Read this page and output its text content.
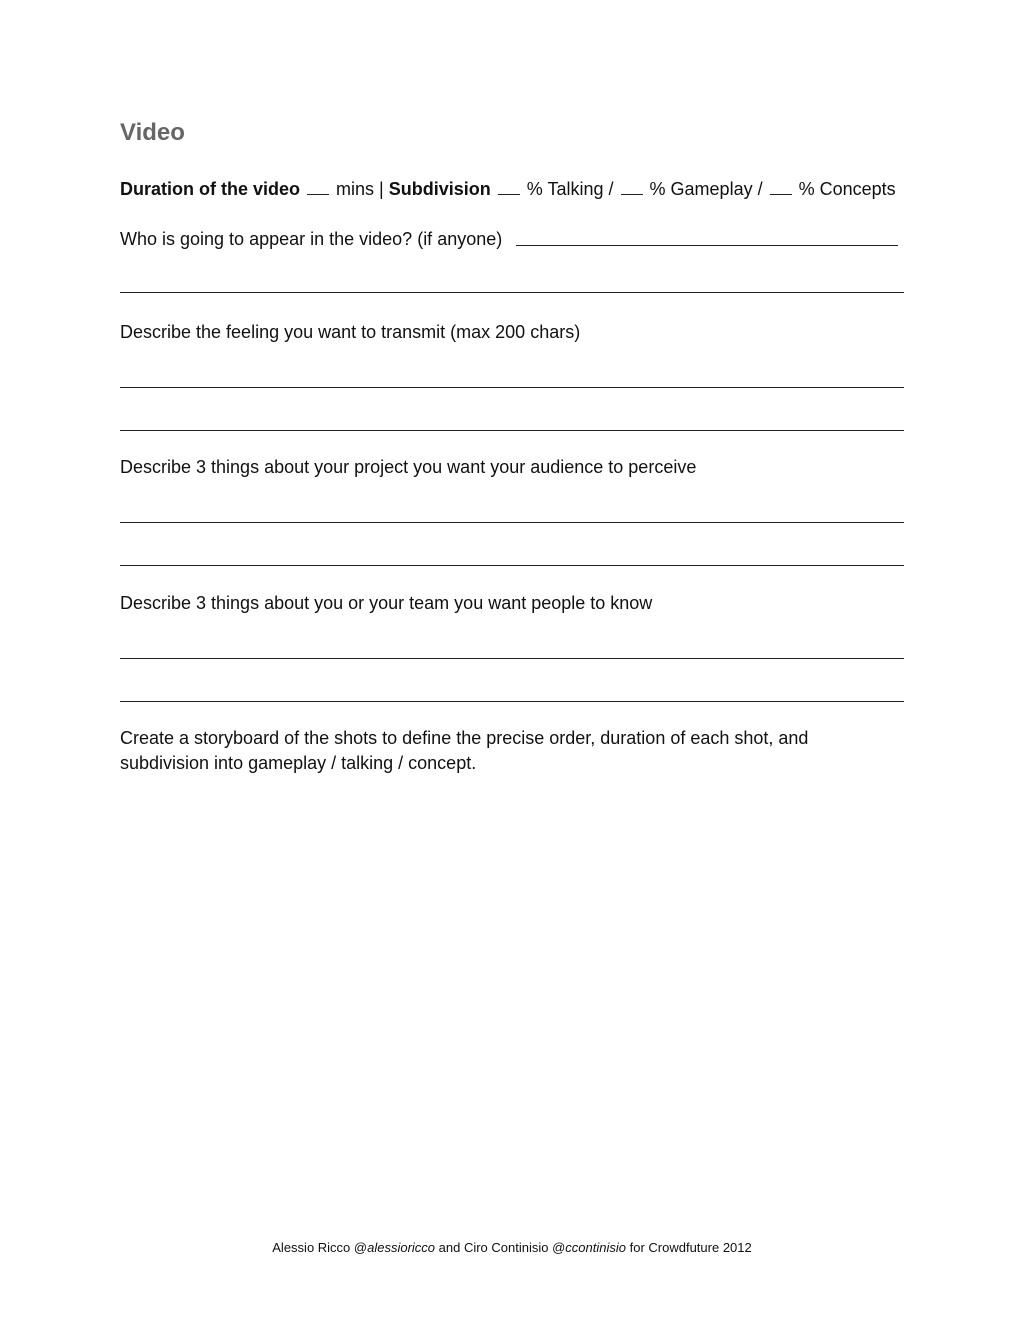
Video
Duration of the video mins | Subdivision % Talking / % Gameplay / % Concepts
Who is going to appear in the video? (if anyone)
Describe the feeling you want to transmit (max 200 chars)
Describe 3 things about your project you want your audience to perceive
Describe 3 things about you or your team you want people to know
Create a storyboard of the shots to define the precise order, duration of each shot, and subdivision into gameplay / talking / concept.
Alessio Ricco @alessioricco and Ciro Continisio @ccontinisio for Crowdfuture 2012
